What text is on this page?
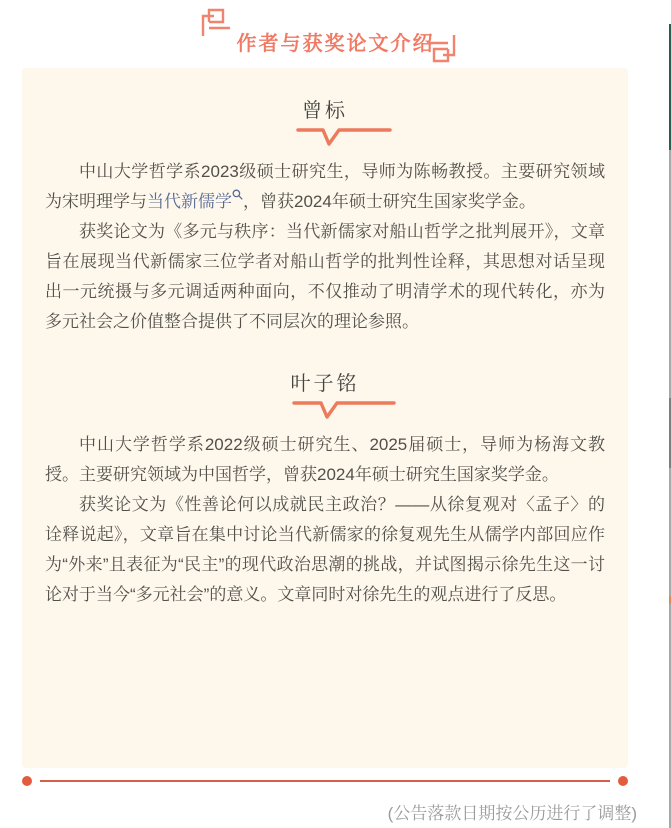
作者与获奖论文介绍
曾标

中山大学哲学系2023级硕士研究生，导师为陈畅教授。主要研究领域为宋明理学与当代新儒学 ，曾获2024年硕士研究生国家奖学金。

获奖论文为《多元与秩序：当代新儒家对船山哲学之批判展开》，文章旨在展现当代新儒家三位学者对船山哲学的批判性诠释，其思想对话呈现出一元统摄与多元调适两种面向，不仅推动了明清学术的现代转化，亦为多元社会之价值整合提供了不同层次的理论参照。

叶子铭

中山大学哲学系2022级硕士研究生、2025届硕士，导师为杨海文教授。主要研究领域为中国哲学，曾获2024年硕士研究生国家奖学金。

获奖论文为《性善论何以成就民主政治？——从徐复观对〈孟子〉的诠释说起》，文章旨在集中讨论当代新儒家的徐复观先生从儒学内部回应作为“外来”且表征为“民主”的现代政治思潮的挑战，并试图揭示徐先生这一讨论对于当今“多元社会”的意义。文章同时对徐先生的观点进行了反思。

(公告落款日期按公历进行了调整)
